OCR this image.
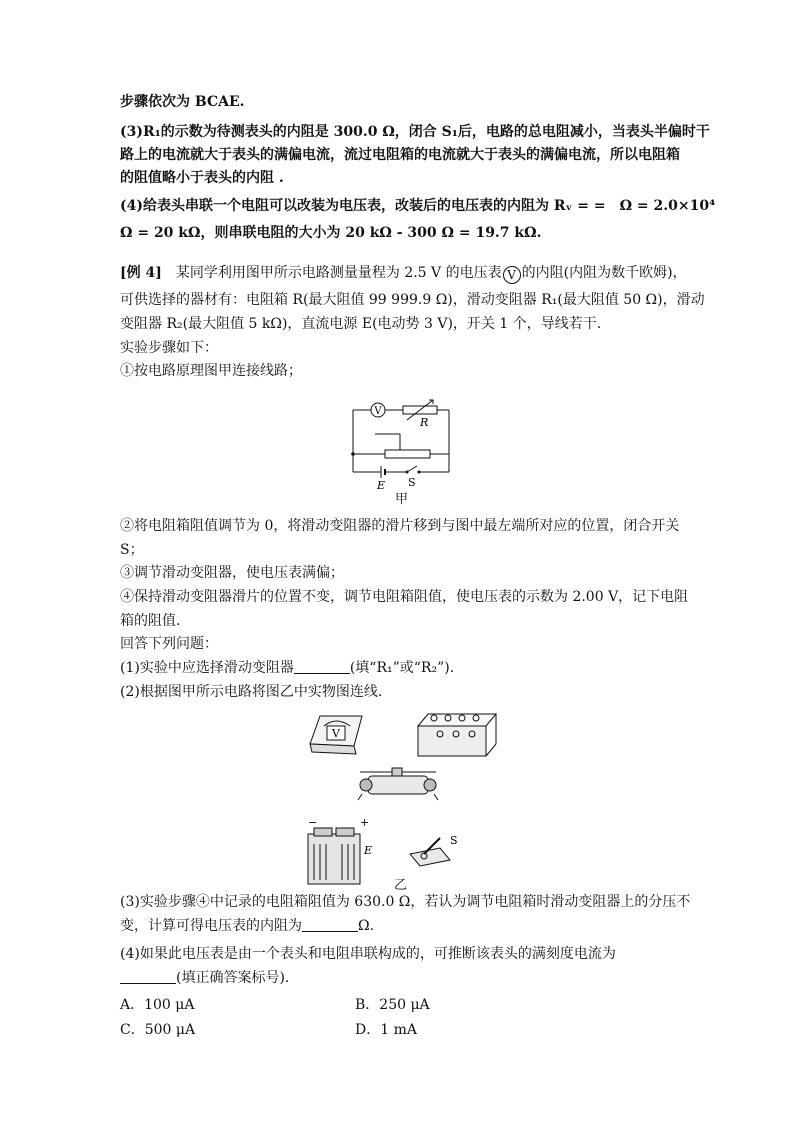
步骤依次为 BCAE.
(3)R₁的示数为待测表头的内阻是 300.0 Ω，闭合 S₁后，电路的总电阻减小，当表头半偏时干
路上的电流就大于表头的满偏电流，流过电阻箱的电流就大于表头的满偏电流，所以电阻箱
的阻值略小于表头的内阻 .
(4)给表头串联一个电阻可以改装为电压表，改装后的电压表的内阻为 Rᵥ = =　Ω = 2.0×10⁴
Ω = 20 kΩ，则串联电阻的大小为 20 kΩ - 300 Ω = 19.7 kΩ.
[例 4]　某同学利用图甲所示电路测量量程为 2.5 V 的电压表 V 的内阻(内阻为数千欧姆)，
可供选择的器材有：电阻箱 R(最大阻值 99 999.9 Ω)，滑动变阻器 R₁(最大阻值 50 Ω)，滑动
变阻器 R₂(最大阻值 5 kΩ)，直流电源 E(电动势 3 V)，开关 1 个，导线若干.
实验步骤如下：
①按电路原理图甲连接线路；
V
R
E S
甲
②将电阻箱阻值调节为 0，将滑动变阻器的滑片移到与图中最左端所对应的位置，闭合开关
S；
③调节滑动变阻器，使电压表满偏；
④保持滑动变阻器滑片的位置不变，调节电阻箱阻值，使电压表的示数为 2.00 V，记下电阻
箱的阻值.
回答下列问题：
(1)实验中应选择滑动变阻器	(填“R₁”或“R₂”).
(2)根据图甲所示电路将图乙中实物图连线.
V
−	+
E
S
乙
(3)实验步骤④中记录的电阻箱阻值为 630.0 Ω，若认为调节电阻箱时滑动变阻器上的分压不
变，计算可得电压表的内阻为	Ω.
(4)如果此电压表是由一个表头和电阻串联构成的，可推断该表头的满刻度电流为
(填正确答案标号).
A．100 μA	B．250 μA
C．500 μA	D．1 mA
